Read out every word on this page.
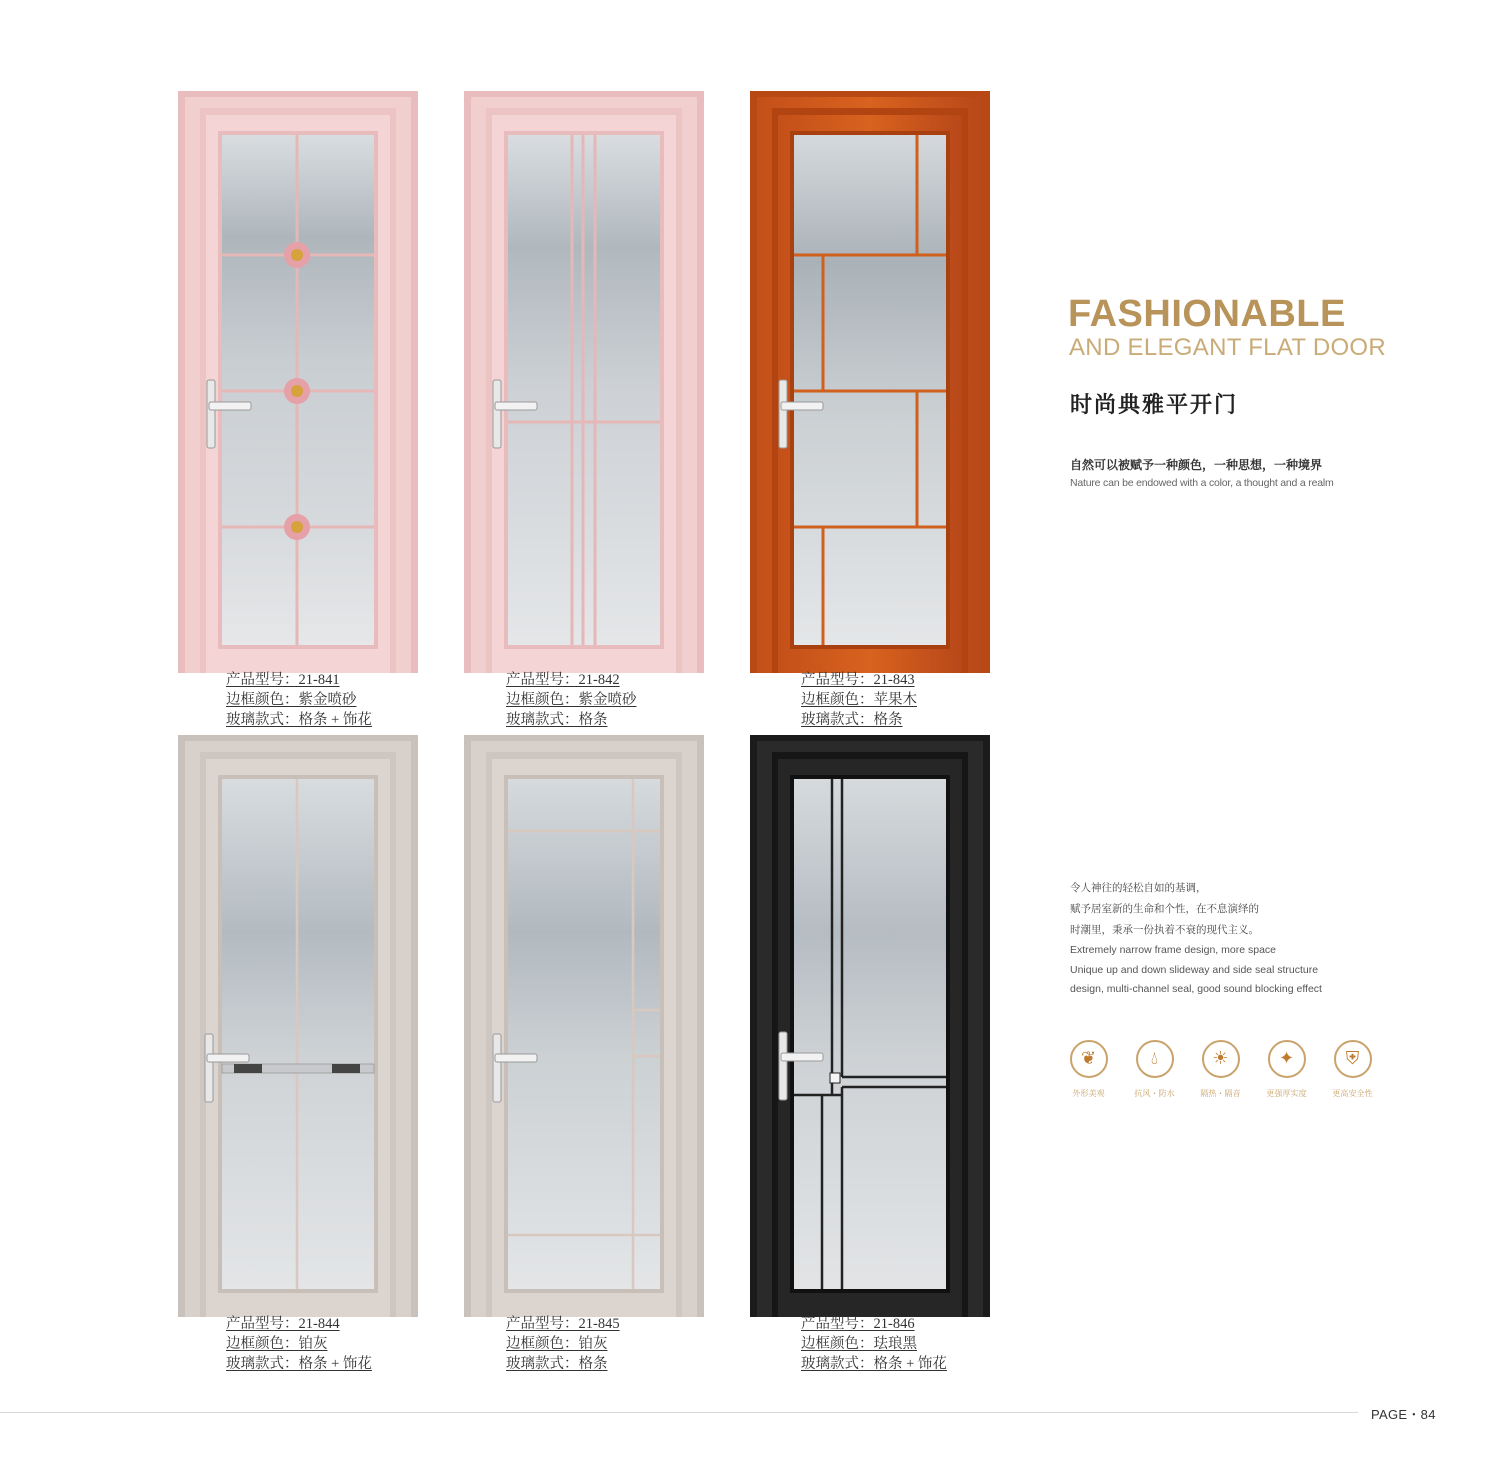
产品型号：21-841
边框颜色：紫金喷砂
玻璃款式：格条 + 饰花
产品型号：21-842
边框颜色：紫金喷砂
玻璃款式：格条
产品型号：21-843
边框颜色：苹果木
玻璃款式：格条
产品型号：21-844
边框颜色：铂灰
玻璃款式：格条 + 饰花
产品型号：21-845
边框颜色：铂灰
玻璃款式：格条
产品型号：21-846
边框颜色：珐琅黑
玻璃款式：格条 + 饰花
FASHIONABLE
AND ELEGANT FLAT DOOR
时尚典雅平开门
自然可以被赋予一种颜色，一种思想，一种境界
Nature can be endowed with a color, a thought and a realm
令人神往的轻松自如的基调，
赋予居室新的生命和个性，在不息演绎的
时潮里，秉承一份执着不衰的现代主义。
Extremely narrow frame design, more space
Unique up and down slideway and side seal structure
design, multi-channel seal, good sound blocking effect
❦
外形美观
💧︎
抗风・防水
☀
隔热・隔音
✦
更强厚实度
⛨
更高安全性
PAGE・84
